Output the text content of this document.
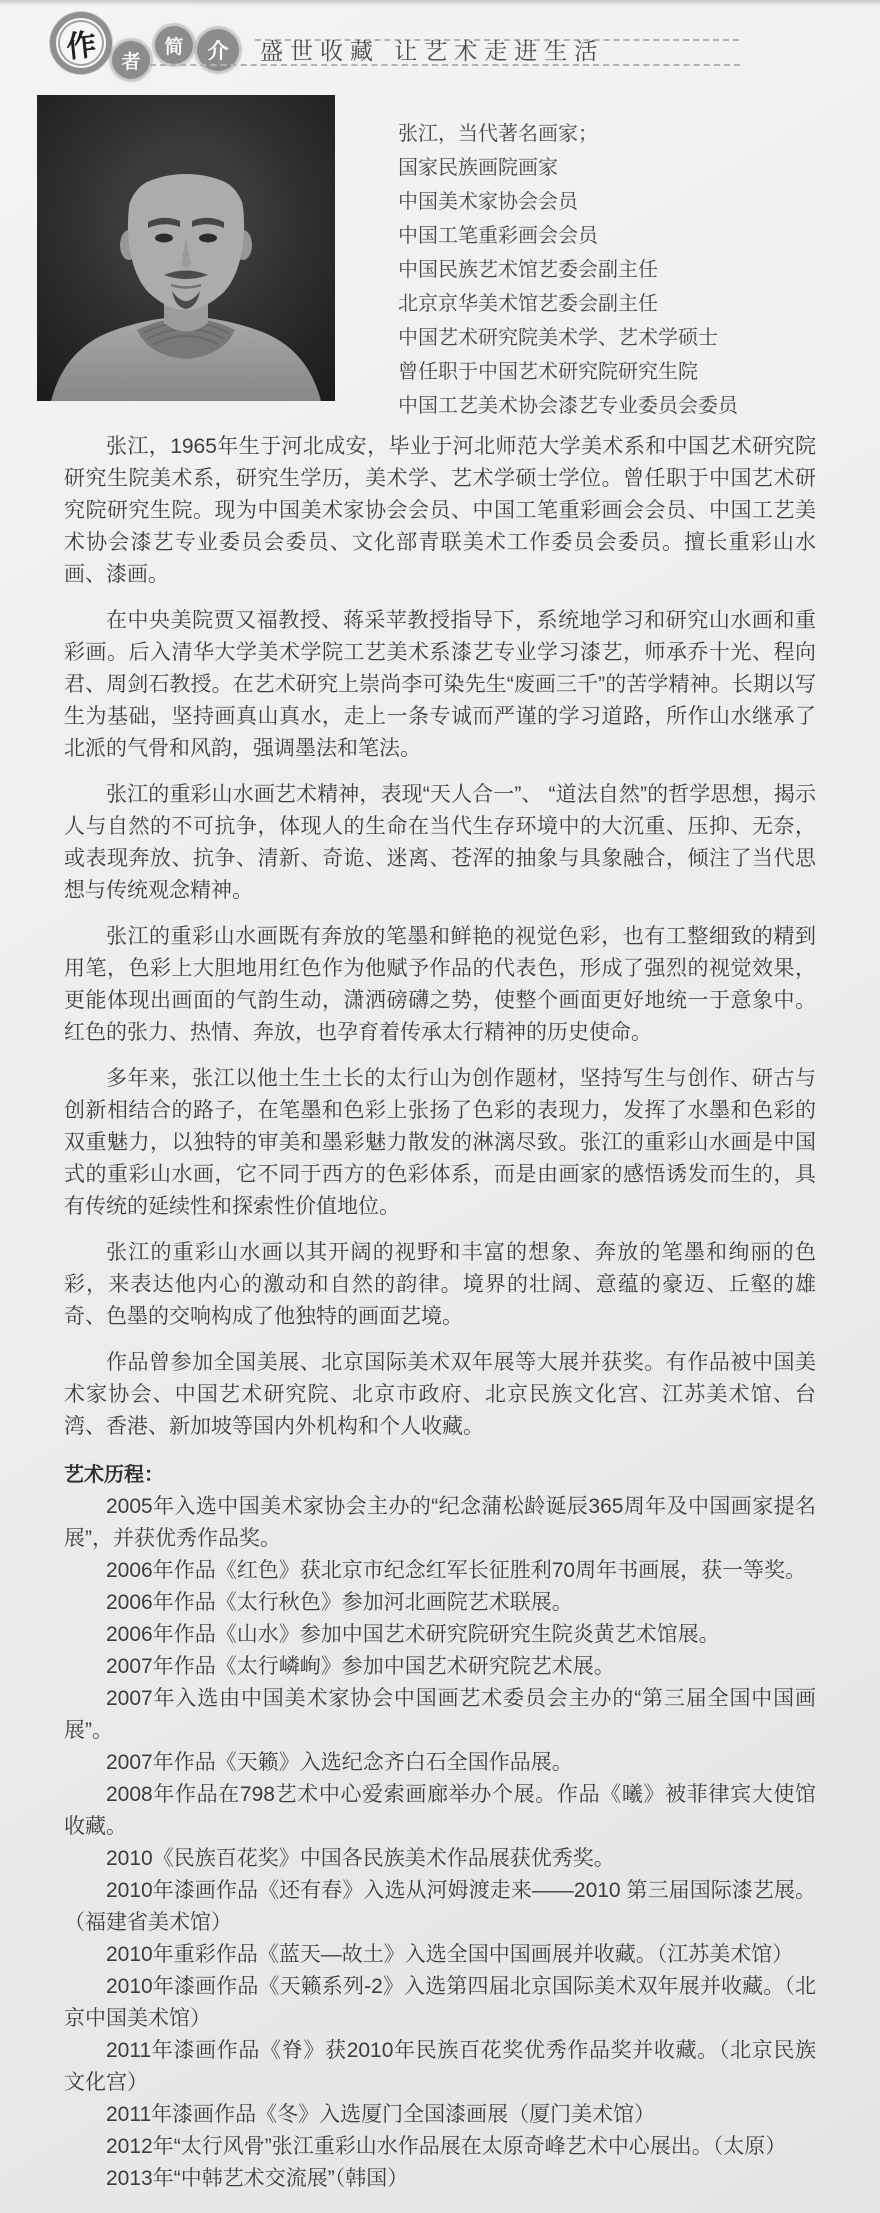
作 者
简 介 盛世收藏 让艺术走进生活
张江，当代著名画家；
国家民族画院画家
中国美术家协会会员
中国工笔重彩画会会员
中国民族艺术馆艺委会副主任
北京京华美术馆艺委会副主任
中国艺术研究院美术学、艺术学硕士
曾任职于中国艺术研究院研究生院
中国工艺美术协会漆艺专业委员会委员

张江，1965年生于河北成安，毕业于河北师范大学美术系和中国艺术研究院研究生院美术系，研究生学历，美术学、艺术学硕士学位。曾任职于中国艺术研究院研究生院。现为中国美术家协会会员、中国工笔重彩画会会员、中国工艺美术协会漆艺专业委员会委员、文化部青联美术工作委员会委员。擅长重彩山水画、漆画。

在中央美院贾又福教授、蒋采苹教授指导下，系统地学习和研究山水画和重彩画。后入清华大学美术学院工艺美术系漆艺专业学习漆艺，师承乔十光、程向君、周剑石教授。在艺术研究上崇尚李可染先生“废画三千”的苦学精神。长期以写生为基础，坚持画真山真水，走上一条专诚而严谨的学习道路，所作山水继承了北派的气骨和风韵，强调墨法和笔法。

张江的重彩山水画艺术精神，表现“天人合一”、 “道法自然”的哲学思想，揭示人与自然的不可抗争，体现人的生命在当代生存环境中的大沉重、压抑、无奈，或表现奔放、抗争、清新、奇诡、迷离、苍浑的抽象与具象融合，倾注了当代思想与传统观念精神。

张江的重彩山水画既有奔放的笔墨和鲜艳的视觉色彩，也有工整细致的精到用笔，色彩上大胆地用红色作为他赋予作品的代表色，形成了强烈的视觉效果，更能体现出画面的气韵生动，潇洒磅礴之势，使整个画面更好地统一于意象中。红色的张力、热情、奔放，也孕育着传承太行精神的历史使命。

多年来，张江以他土生土长的太行山为创作题材，坚持写生与创作、研古与创新相结合的路子，在笔墨和色彩上张扬了色彩的表现力，发挥了水墨和色彩的双重魅力，以独特的审美和墨彩魅力散发的淋漓尽致。张江的重彩山水画是中国式的重彩山水画，它不同于西方的色彩体系，而是由画家的感悟诱发而生的，具有传统的延续性和探索性价值地位。

张江的重彩山水画以其开阔的视野和丰富的想象、奔放的笔墨和绚丽的色彩，来表达他内心的激动和自然的韵律。境界的壮阔、意蕴的豪迈、丘壑的雄奇、色墨的交响构成了他独特的画面艺境。

作品曾参加全国美展、北京国际美术双年展等大展并获奖。有作品被中国美术家协会、中国艺术研究院、北京市政府、北京民族文化宫、江苏美术馆、台湾、香港、新加坡等国内外机构和个人收藏。

艺术历程：

2005年入选中国美术家协会主办的“纪念蒲松龄诞辰365周年及中国画家提名展”，并获优秀作品奖。

2006年作品《红色》获北京市纪念红军长征胜利70周年书画展，获一等奖。

2006年作品《太行秋色》参加河北画院艺术联展。

2006年作品《山水》参加中国艺术研究院研究生院炎黄艺术馆展。

2007年作品《太行嶙峋》参加中国艺术研究院艺术展。

2007年入选由中国美术家协会中国画艺术委员会主办的“第三届全国中国画展”。

2007年作品《天籁》入选纪念齐白石全国作品展。

2008年作品在798艺术中心爱索画廊举办个展。作品《曦》被菲律宾大使馆收藏。

2010《民族百花奖》中国各民族美术作品展获优秀奖。

2010年漆画作品《还有春》入选从河姆渡走来——2010 第三届国际漆艺展。（福建省美术馆）

2010年重彩作品《蓝天—故土》入选全国中国画展并收藏。（江苏美术馆）

2010年漆画作品《天籁系列-2》入选第四届北京国际美术双年展并收藏。（北京中国美术馆）

2011年漆画作品《脊》获2010年民族百花奖优秀作品奖并收藏。（北京民族文化宫）

2011年漆画作品《冬》入选厦门全国漆画展（厦门美术馆）

2012年“太行风骨”张江重彩山水作品展在太原奇峰艺术中心展出。（太原）

2013年“中韩艺术交流展”（韩国）
